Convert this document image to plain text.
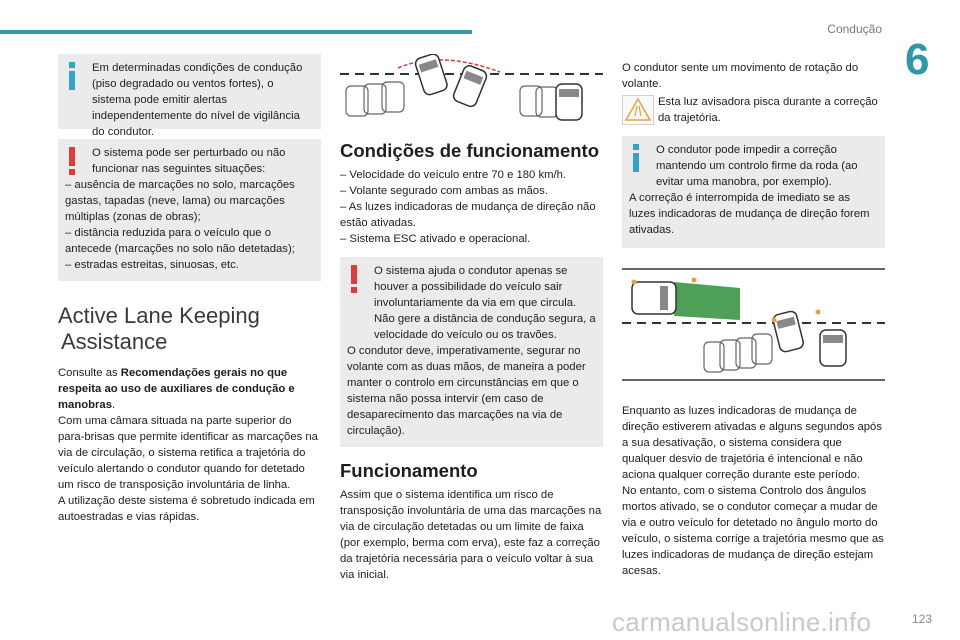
Condução
6

Em determinadas condições de condução (piso degradado ou ventos fortes), o sistema pode emitir alertas independentemente do nível de vigilância do condutor.

O sistema pode ser perturbado ou não funcionar nas seguintes situações:

– ausência de marcações no solo, marcações gastas, tapadas (neve, lama) ou marcações múltiplas (zonas de obras);

– distância reduzida para o veículo que o antecede (marcações no solo não detetadas);

– estradas estreitas, sinuosas, etc.

Active Lane Keeping
Assistance

Consulte as Recomendações gerais no que respeita ao uso de auxiliares de condução e manobras.

Com uma câmara situada na parte superior do para-brisas que permite identificar as marcações na via de circulação, o sistema retifica a trajetória do veículo alertando o condutor quando for detetado um risco de transposição involuntária de linha.

A utilização deste sistema é sobretudo indicada em autoestradas e vias rápidas.

Condições de funcionamento

– Velocidade do veículo entre 70 e 180 km/h.

– Volante segurado com ambas as mãos.

– As luzes indicadoras de mudança de direção não estão ativadas.

– Sistema ESC ativado e operacional.

O sistema ajuda o condutor apenas se houver a possibilidade do veículo sair involuntariamente da via em que circula. Não gere a distância de condução segura, a velocidade do veículo ou os travões.

O condutor deve, imperativamente, segurar no volante com as duas mãos, de maneira a poder manter o controlo em circunstâncias em que o sistema não possa intervir (em caso de desaparecimento das marcações na via de circulação).

Funcionamento

Assim que o sistema identifica um risco de transposição involuntária de uma das marcações na via de circulação detetadas ou um limite de faixa (por exemplo, berma com erva), este faz a correção da trajetória necessária para o veículo voltar à sua via inicial.

O condutor sente um movimento de rotação do volante.

Esta luz avisadora pisca durante a correção da trajetória.

O condutor pode impedir a correção mantendo um controlo firme da roda (ao evitar uma manobra, por exemplo).

A correção é interrompida de imediato se as luzes indicadoras de mudança de direção forem ativadas.

Enquanto as luzes indicadoras de mudança de direção estiverem ativadas e alguns segundos após a sua desativação, o sistema considera que qualquer desvio de trajetória é intencional e não aciona qualquer correção durante este período.

No entanto, com o sistema Controlo dos ângulos mortos ativado, se o condutor começar a mudar de via e outro veículo for detetado no ângulo morto do veículo, o sistema corrige a trajetória mesmo que as luzes indicadoras de mudança de direção estejam acesas.

carmanualsonline.info	123
